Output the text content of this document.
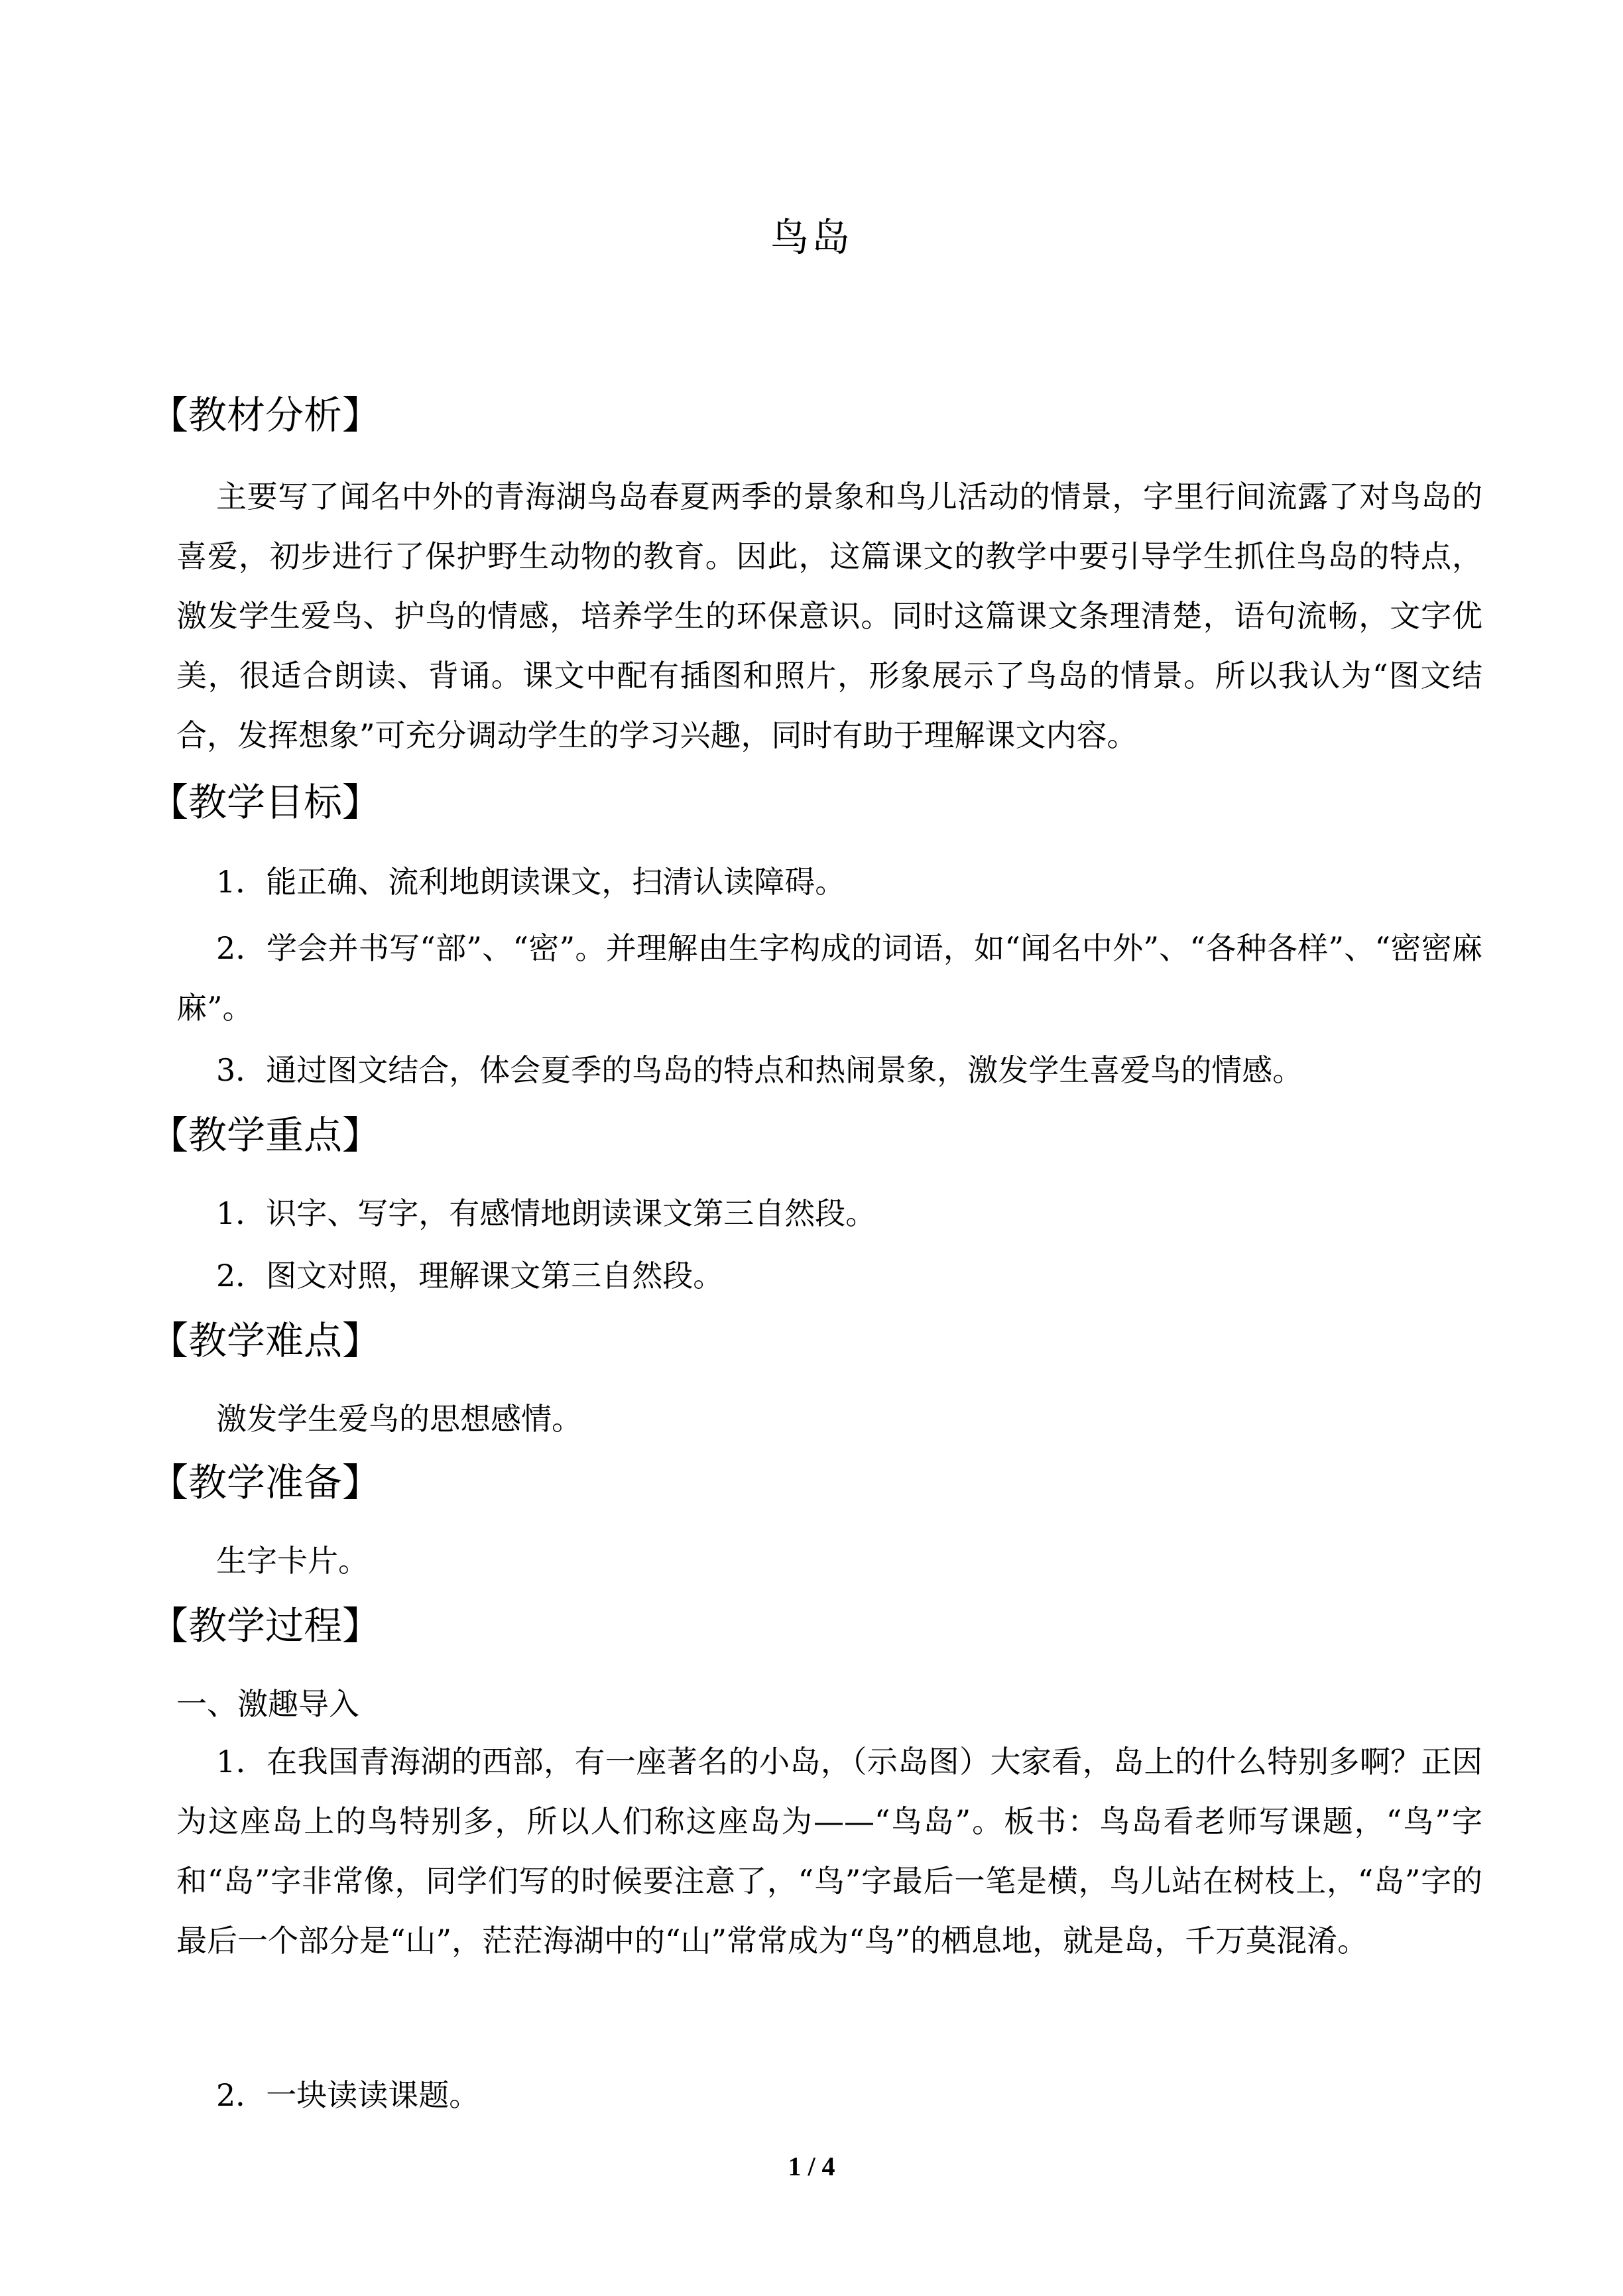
鸟岛
【教材分析】
主要写了闻名中外的青海湖鸟岛春夏两季的景象和鸟儿活动的情景，字里行间流露了对鸟岛的喜爱，初步进行了保护野生动物的教育。因此，这篇课文的教学中要引导学生抓住鸟岛的特点，激发学生爱鸟、护鸟的情感，培养学生的环保意识。同时这篇课文条理清楚，语句流畅，文字优美，很适合朗读、背诵。课文中配有插图和照片，形象展示了鸟岛的情景。所以我认为“图文结合，发挥想象”可充分调动学生的学习兴趣，同时有助于理解课文内容。
【教学目标】
1．能正确、流利地朗读课文，扫清认读障碍。
2．学会并书写“部”、“密”。并理解由生字构成的词语，如“闻名中外”、“各种各样”、“密密麻麻”。
3．通过图文结合，体会夏季的鸟岛的特点和热闹景象，激发学生喜爱鸟的情感。
【教学重点】
1．识字、写字，有感情地朗读课文第三自然段。
2．图文对照，理解课文第三自然段。
【教学难点】
激发学生爱鸟的思想感情。
【教学准备】
生字卡片。
【教学过程】
一、激趣导入
1．在我国青海湖的西部，有一座著名的小岛，（示岛图）大家看，岛上的什么特别多啊？正因为这座岛上的鸟特别多，所以人们称这座岛为——“鸟岛”。板书：鸟岛看老师写课题，“鸟”字和“岛”字非常像，同学们写的时候要注意了，“鸟”字最后一笔是横，鸟儿站在树枝上，“岛”字的最后一个部分是“山”，茫茫海湖中的“山”常常成为“鸟”的栖息地，就是岛，千万莫混淆。
2．一块读读课题。
1 / 4
